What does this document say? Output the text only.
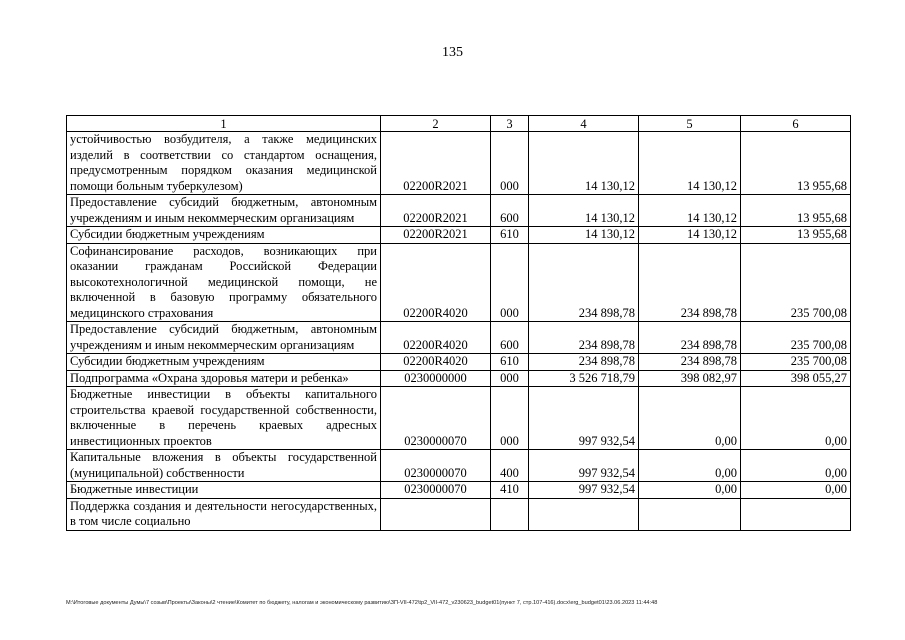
135
1	2	3	4	5	6
устойчивостью возбудителя, а также медицинских изделий в соответствии со стандартом оснащения, предусмотренным порядком оказания медицинской помощи больным туберкулезом)	02200R2021	000	14 130,12	14 130,12	13 955,68
Предоставление субсидий бюджетным, автономным учреждениям и иным некоммерческим организациям	02200R2021	600	14 130,12	14 130,12	13 955,68
Субсидии бюджетным учреждениям	02200R2021	610	14 130,12	14 130,12	13 955,68
Софинансирование расходов, возникающих при оказании гражданам Российской Федерации высокотехнологичной медицинской помощи, не включенной в базовую программу обязательного медицинского страхования	02200R4020	000	234 898,78	234 898,78	235 700,08
Предоставление субсидий бюджетным, автономным учреждениям и иным некоммерческим организациям	02200R4020	600	234 898,78	234 898,78	235 700,08
Субсидии бюджетным учреждениям	02200R4020	610	234 898,78	234 898,78	235 700,08
Подпрограмма «Охрана здоровья матери и ребенка»	0230000000	000	3 526 718,79	398 082,97	398 055,27
Бюджетные инвестиции в объекты капитального строительства краевой государственной собственности, включенные в перечень краевых адресных инвестиционных проектов	0230000070	000	997 932,54	0,00	0,00
Капитальные вложения в объекты государственной (муниципальной) собственности	0230000070	400	997 932,54	0,00	0,00
Бюджетные инвестиции	0230000070	410	997 932,54	0,00	0,00
Поддержка создания и деятельности негосударственных, в том числе социально					
M:\Итоговые документы Думы\7 созыв\Проекты\Законы\2 чтение\Комитет по бюджету, налогам и экономическому развитию\ЗП-VII-472\tp2_VII-472_v230623_budget01(пункт 7, стр.107-416).docx\erg_budget01\23.06.2023 11:44:48
